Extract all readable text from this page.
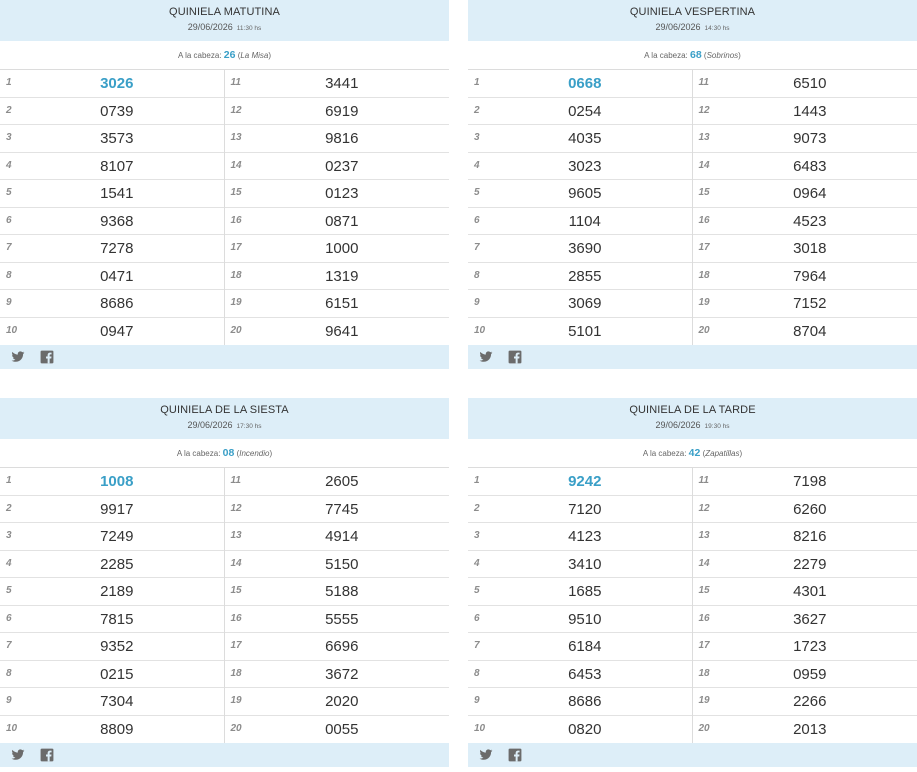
QUINIELA MATUTINA
29/06/2026 11:30 hs
A la cabeza: 26 (La Misa)
1	3026
2	0739
3	3573
4	8107
5	1541
6	9368
7	7278
8	0471
9	8686
10	0947
11	3441
12	6919
13	9816
14	0237
15	0123
16	0871
17	1000
18	1319
19	6151
20	9641
QUINIELA VESPERTINA
29/06/2026 14:30 hs
A la cabeza: 68 (Sobrinos)
1	0668
2	0254
3	4035
4	3023
5	9605
6	1104
7	3690
8	2855
9	3069
10	5101
11	6510
12	1443
13	9073
14	6483
15	0964
16	4523
17	3018
18	7964
19	7152
20	8704
QUINIELA DE LA SIESTA
29/06/2026 17:30 hs
A la cabeza: 08 (Incendio)
1	1008
2	9917
3	7249
4	2285
5	2189
6	7815
7	9352
8	0215
9	7304
10	8809
11	2605
12	7745
13	4914
14	5150
15	5188
16	5555
17	6696
18	3672
19	2020
20	0055
QUINIELA DE LA TARDE
29/06/2026 19:30 hs
A la cabeza: 42 (Zapatillas)
1	9242
2	7120
3	4123
4	3410
5	1685
6	9510
7	6184
8	6453
9	8686
10	0820
11	7198
12	6260
13	8216
14	2279
15	4301
16	3627
17	1723
18	0959
19	2266
20	2013
